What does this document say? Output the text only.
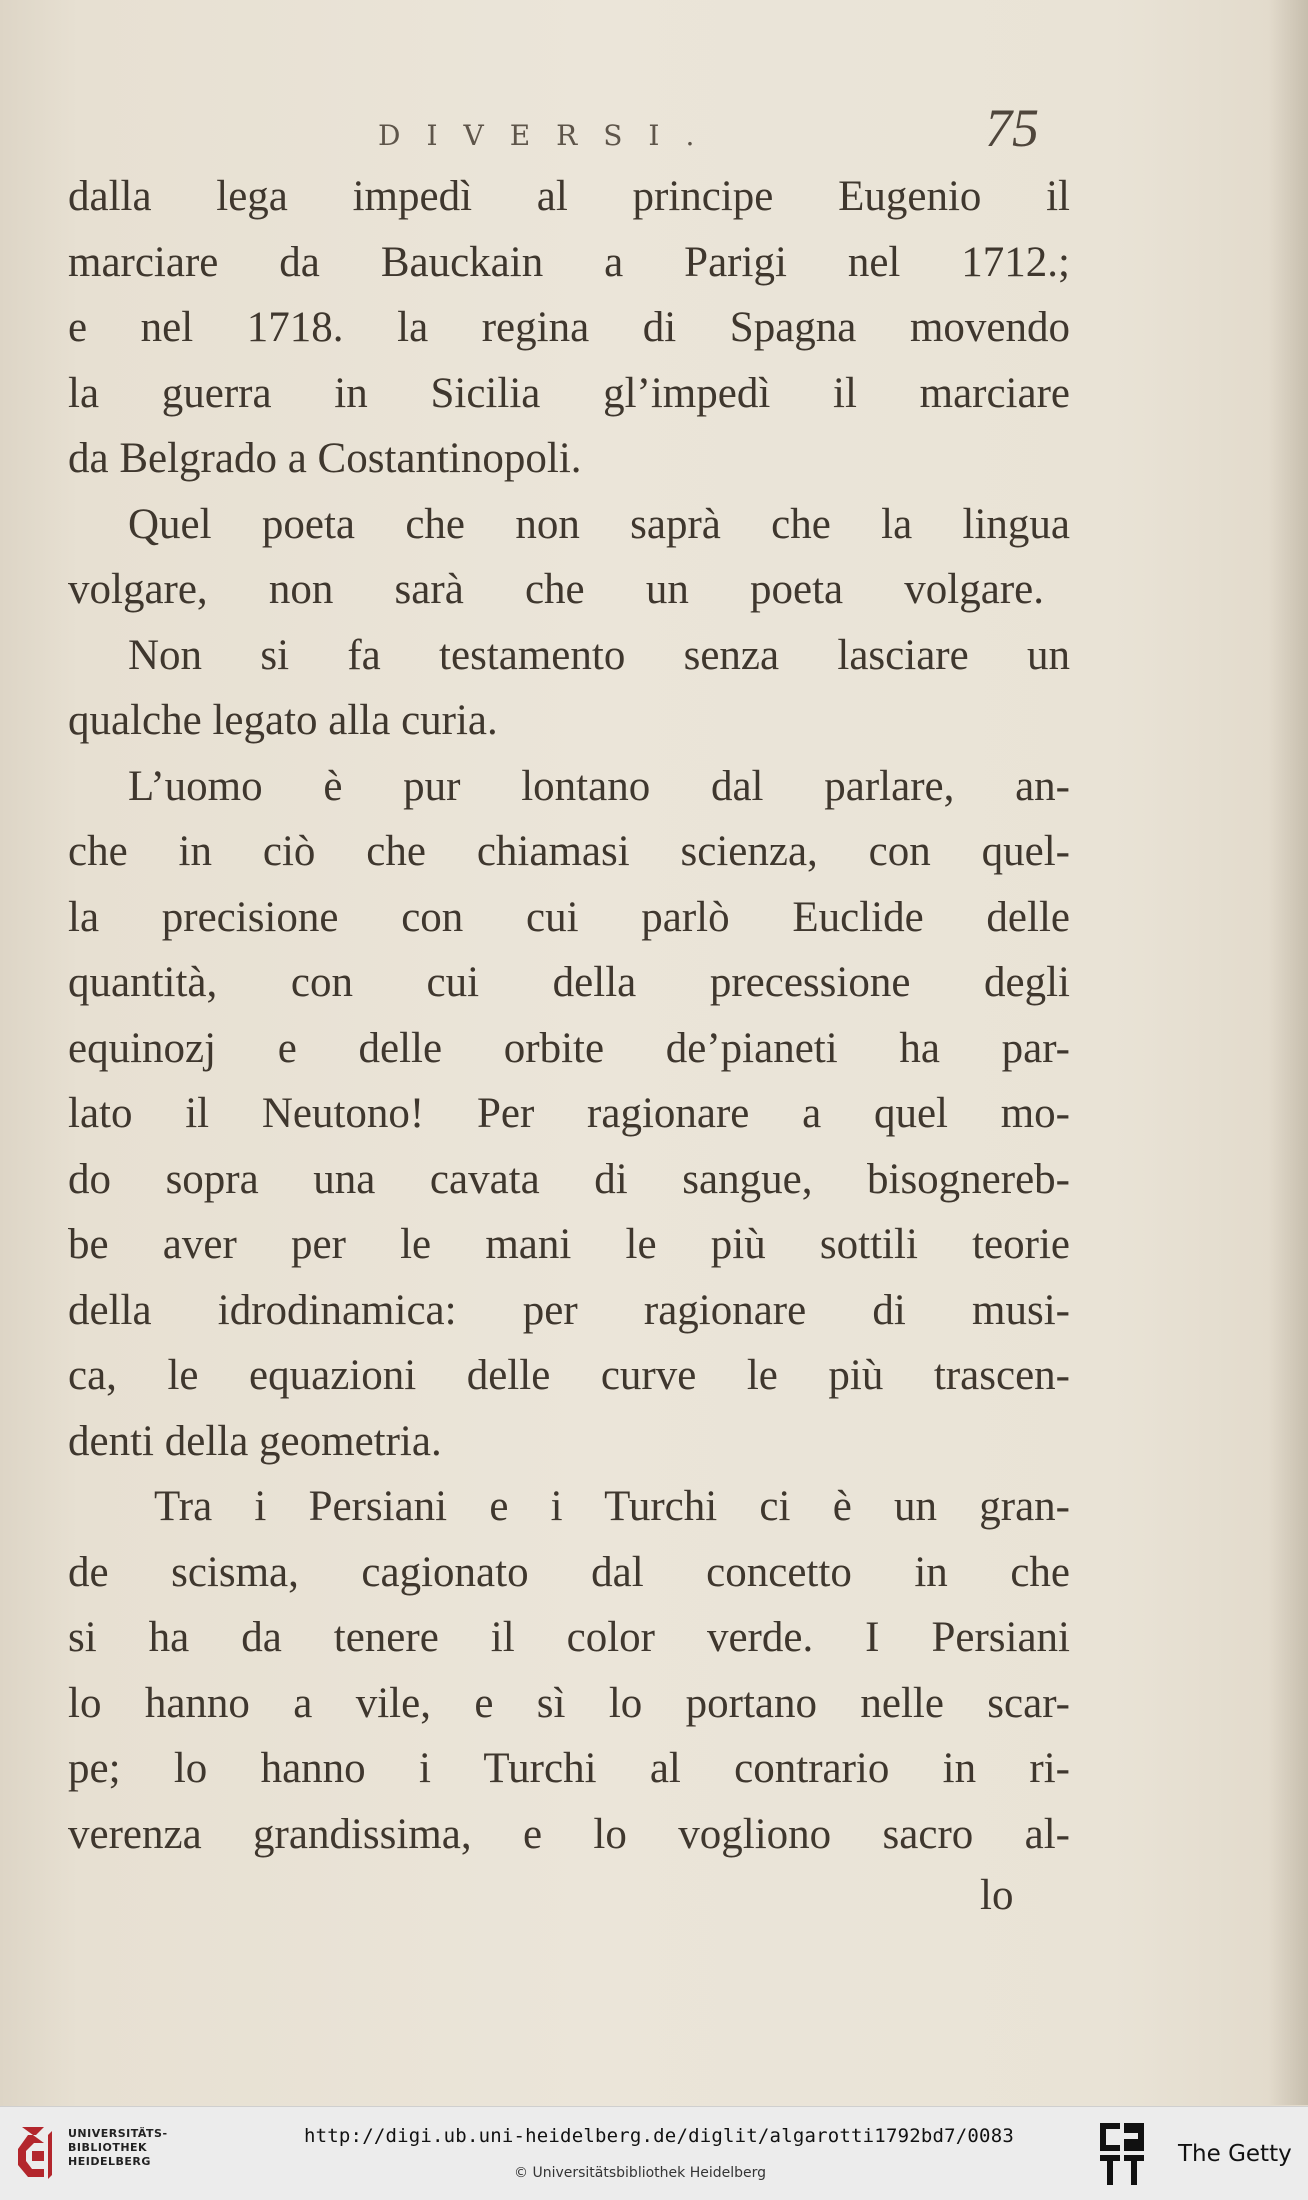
DIVERSI.	75
dalla lega impedì al principe Eugenio il
marciare da Bauckain a Parigi nel 1712.;
e nel 1718. la regina di Spagna movendo
la guerra in Sicilia gl’impedì il marciare
da Belgrado a Costantinopoli.
Quel poeta che non saprà che la lingua
volgare, non sarà che un poeta volgare.
Non si fa testamento senza lasciare un
qualche legato alla curia.
L’uomo è pur lontano dal parlare, an-
che in ciò che chiamasi scienza, con quel-
la precisione con cui parlò Euclide delle
quantità, con cui della precessione degli
equinozj e delle orbite de’pianeti ha par-
lato il Neutono! Per ragionare a quel mo-
do sopra una cavata di sangue, bisognereb-
be aver per le mani le più sottili teorie
della idrodinamica: per ragionare di musi-
ca, le equazioni delle curve le più trascen-
denti della geometria.
Tra i Persiani e i Turchi ci è un gran-
de scisma, cagionato dal concetto in che
si ha da tenere il color verde. I Persiani
lo hanno a vile, e sì lo portano nelle scar-
pe; lo hanno i Turchi al contrario in ri-
verenza grandissima, e lo vogliono sacro al-
lo
UNIVERSITÄTS-
BIBLIOTHEK
HEIDELBERG
http://digi.ub.uni-heidelberg.de/diglit/algarotti1792bd7/0083
© Universitätsbibliothek Heidelberg
The Getty
